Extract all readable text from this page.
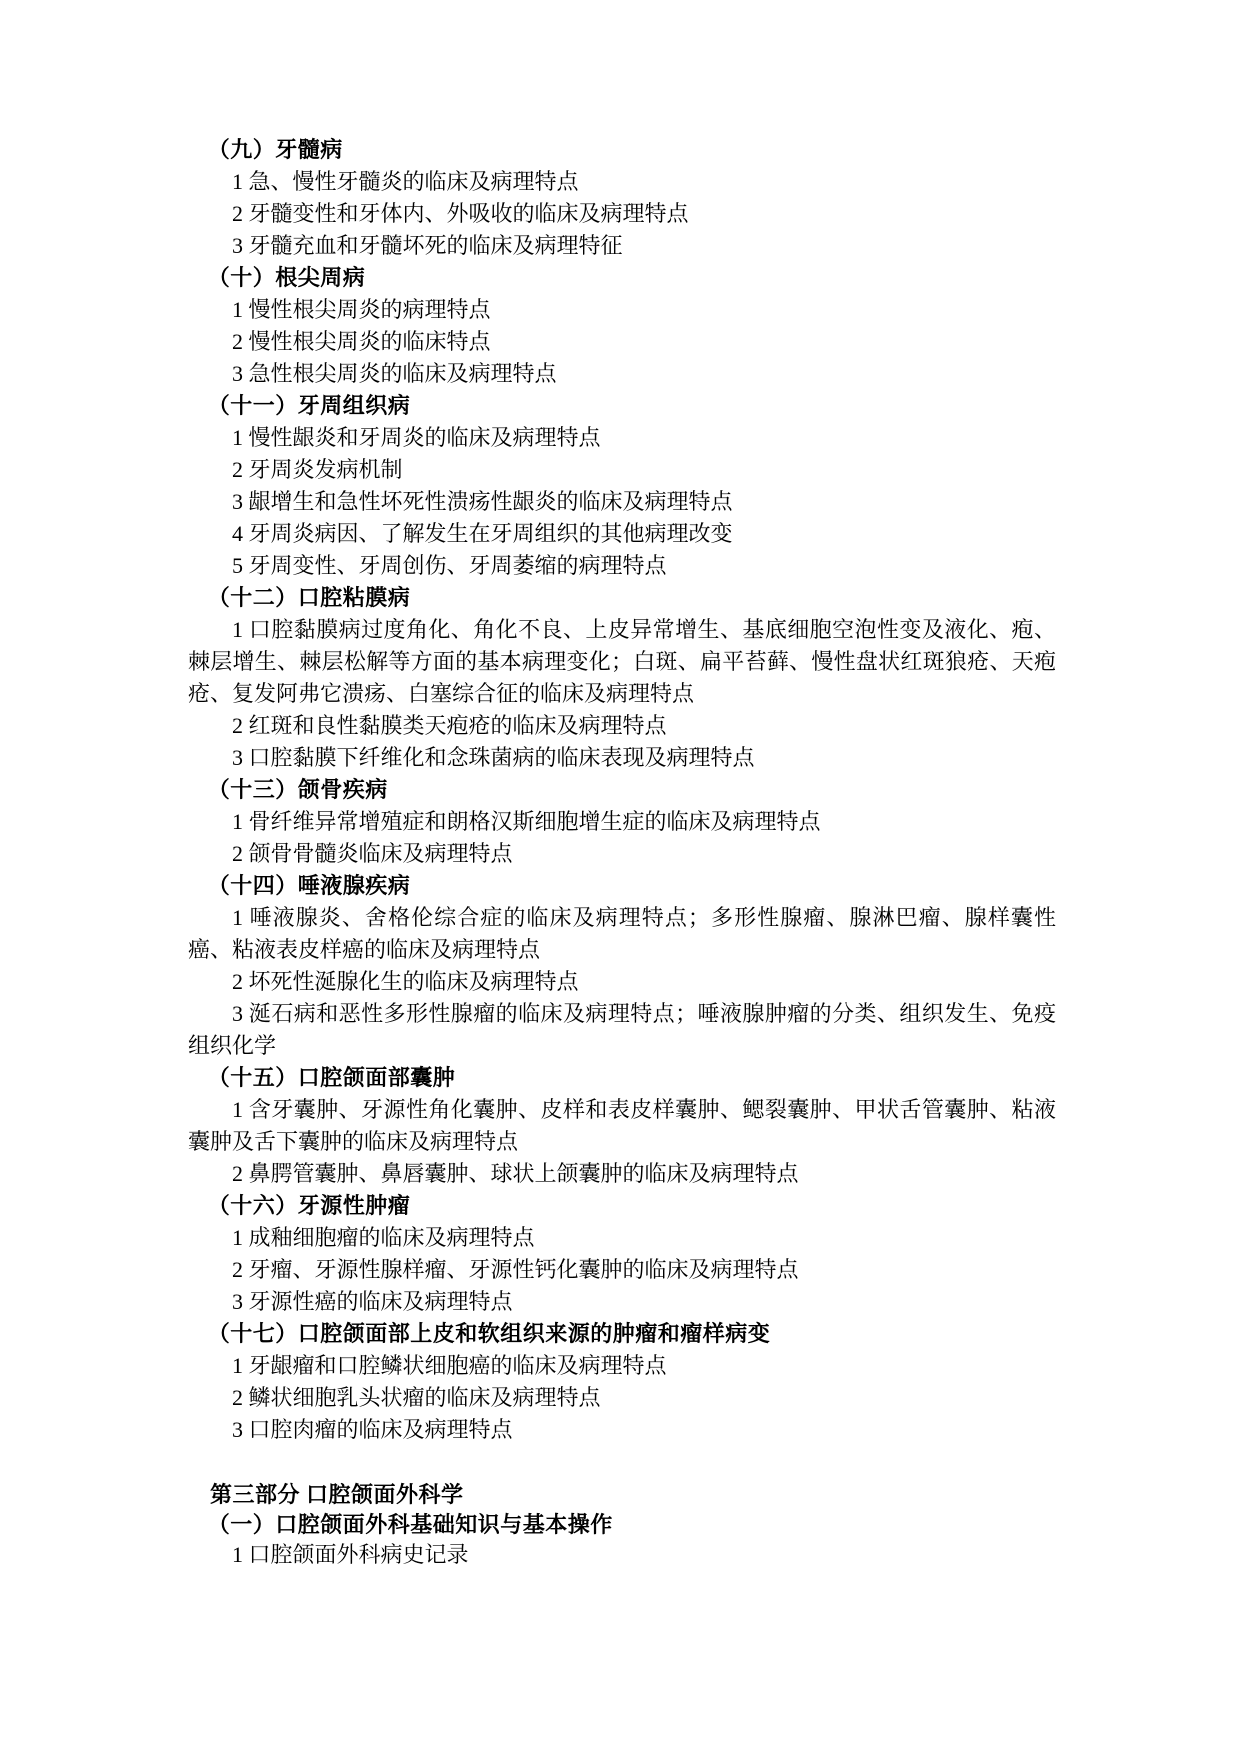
（九）牙髓病
1 急、慢性牙髓炎的临床及病理特点
2 牙髓变性和牙体内、外吸收的临床及病理特点
3 牙髓充血和牙髓坏死的临床及病理特征
（十）根尖周病
1 慢性根尖周炎的病理特点
2 慢性根尖周炎的临床特点
3 急性根尖周炎的临床及病理特点
（十一）牙周组织病
1 慢性龈炎和牙周炎的临床及病理特点
2 牙周炎发病机制
3 龈增生和急性坏死性溃疡性龈炎的临床及病理特点
4 牙周炎病因、了解发生在牙周组织的其他病理改变
5 牙周变性、牙周创伤、牙周萎缩的病理特点
（十二）口腔粘膜病
1 口腔黏膜病过度角化、角化不良、上皮异常增生、基底细胞空泡性变及液化、疱、棘层增生、棘层松解等方面的基本病理变化；白斑、扁平苔藓、慢性盘状红斑狼疮、天疱疮、复发阿弗它溃疡、白塞综合征的临床及病理特点
2 红斑和良性黏膜类天疱疮的临床及病理特点
3 口腔黏膜下纤维化和念珠菌病的临床表现及病理特点
（十三）颌骨疾病
1 骨纤维异常增殖症和朗格汉斯细胞增生症的临床及病理特点
2 颌骨骨髓炎临床及病理特点
（十四）唾液腺疾病
1 唾液腺炎、舍格伦综合症的临床及病理特点；多形性腺瘤、腺淋巴瘤、腺样囊性癌、粘液表皮样癌的临床及病理特点
2 坏死性涎腺化生的临床及病理特点
3 涎石病和恶性多形性腺瘤的临床及病理特点；唾液腺肿瘤的分类、组织发生、免疫组织化学
（十五）口腔颌面部囊肿
1 含牙囊肿、牙源性角化囊肿、皮样和表皮样囊肿、鳃裂囊肿、甲状舌管囊肿、粘液囊肿及舌下囊肿的临床及病理特点
2 鼻腭管囊肿、鼻唇囊肿、球状上颌囊肿的临床及病理特点
（十六）牙源性肿瘤
1 成釉细胞瘤的临床及病理特点
2 牙瘤、牙源性腺样瘤、牙源性钙化囊肿的临床及病理特点
3 牙源性癌的临床及病理特点
（十七）口腔颌面部上皮和软组织来源的肿瘤和瘤样病变
1 牙龈瘤和口腔鳞状细胞癌的临床及病理特点
2 鳞状细胞乳头状瘤的临床及病理特点
3 口腔肉瘤的临床及病理特点
第三部分 口腔颌面外科学
（一）口腔颌面外科基础知识与基本操作
1 口腔颌面外科病史记录
